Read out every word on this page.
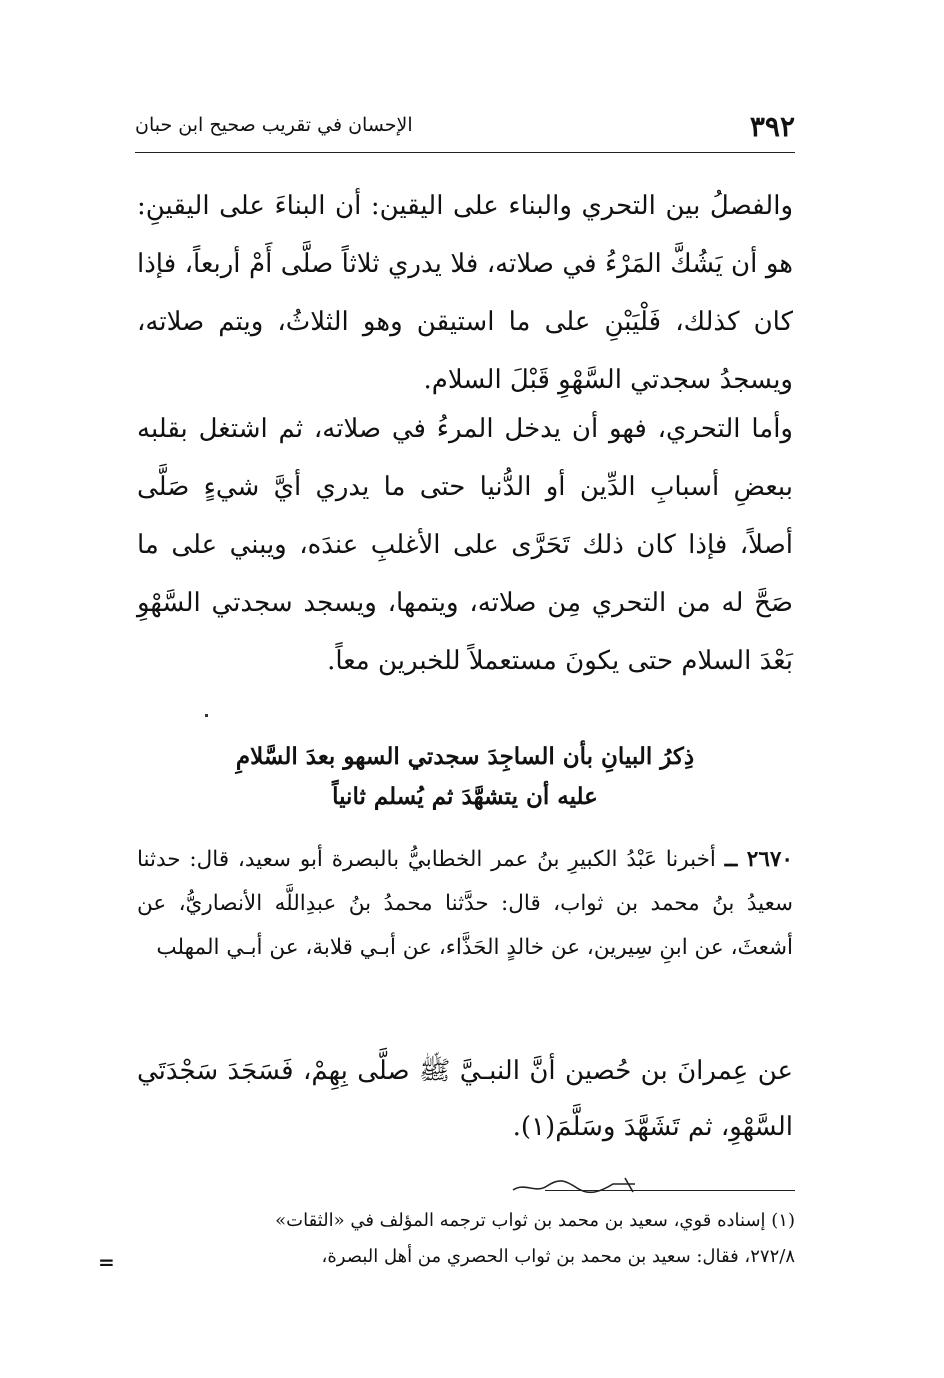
٣٩٢
الإحسان في تقريب صحيح ابن حبان
والفصلُ بين التحري والبناء على اليقين: أن البناءَ على اليقينِ: هو أن يَشُكَّ المَرْءُ في صلاته، فلا يدري ثلاثاً صلَّى أَمْ أربعاً، فإذا كان كذلك، فَلْيَبْنِ على ما استيقن وهو الثلاثُ، ويتم صلاته، ويسجدُ سجدتي السَّهْوِ قَبْلَ السلام.
وأما التحري، فهو أن يدخل المرءُ في صلاته، ثم اشتغل بقلبه ببعضِ أسبابِ الدِّين أو الدُّنيا حتى ما يدري أيَّ شيءٍ صَلَّى أصلاً، فإذا كان ذلك تَحَرَّى على الأغلبِ عندَه، ويبني على ما صَحَّ له من التحري مِن صلاته، ويتمها، ويسجد سجدتي السَّهْوِ بَعْدَ السلام حتى يكونَ مستعملاً للخبرين معاً.
ذِكرُ البيانِ بأن الساجِدَ سجدتي السهو بعدَ السَّلامِ
عليه أن يتشهَّدَ ثم يُسلم ثانياً
٢٦٧٠ ــ أخبرنا عَبْدُ الكبيرِ بنُ عمر الخطابيُّ بالبصرة أبو سعيد، قال: حدثنا سعيدُ بنُ محمد بن ثواب، قال: حدَّثنا محمدُ بنُ عبدِاللَّه الأنصاريُّ، عن أشعثَ، عن ابنِ سِيرين، عن خالدٍ الحَذَّاء، عن أبـي قلابة، عن أبـي المهلب
عن عِمرانَ بن حُصين أنَّ النبـيَّ ﷺ صلَّى بِهِمْ، فَسَجَدَ سَجْدَتَي السَّهْوِ، ثم تَشَهَّدَ وسَلَّمَ(١).
(١) إسناده قوي، سعيد بن محمد بن ثواب ترجمه المؤلف في «الثقات»
٢٧٢/٨، فقال: سعيد بن محمد بن ثواب الحصري من أهل البصرة،
=
